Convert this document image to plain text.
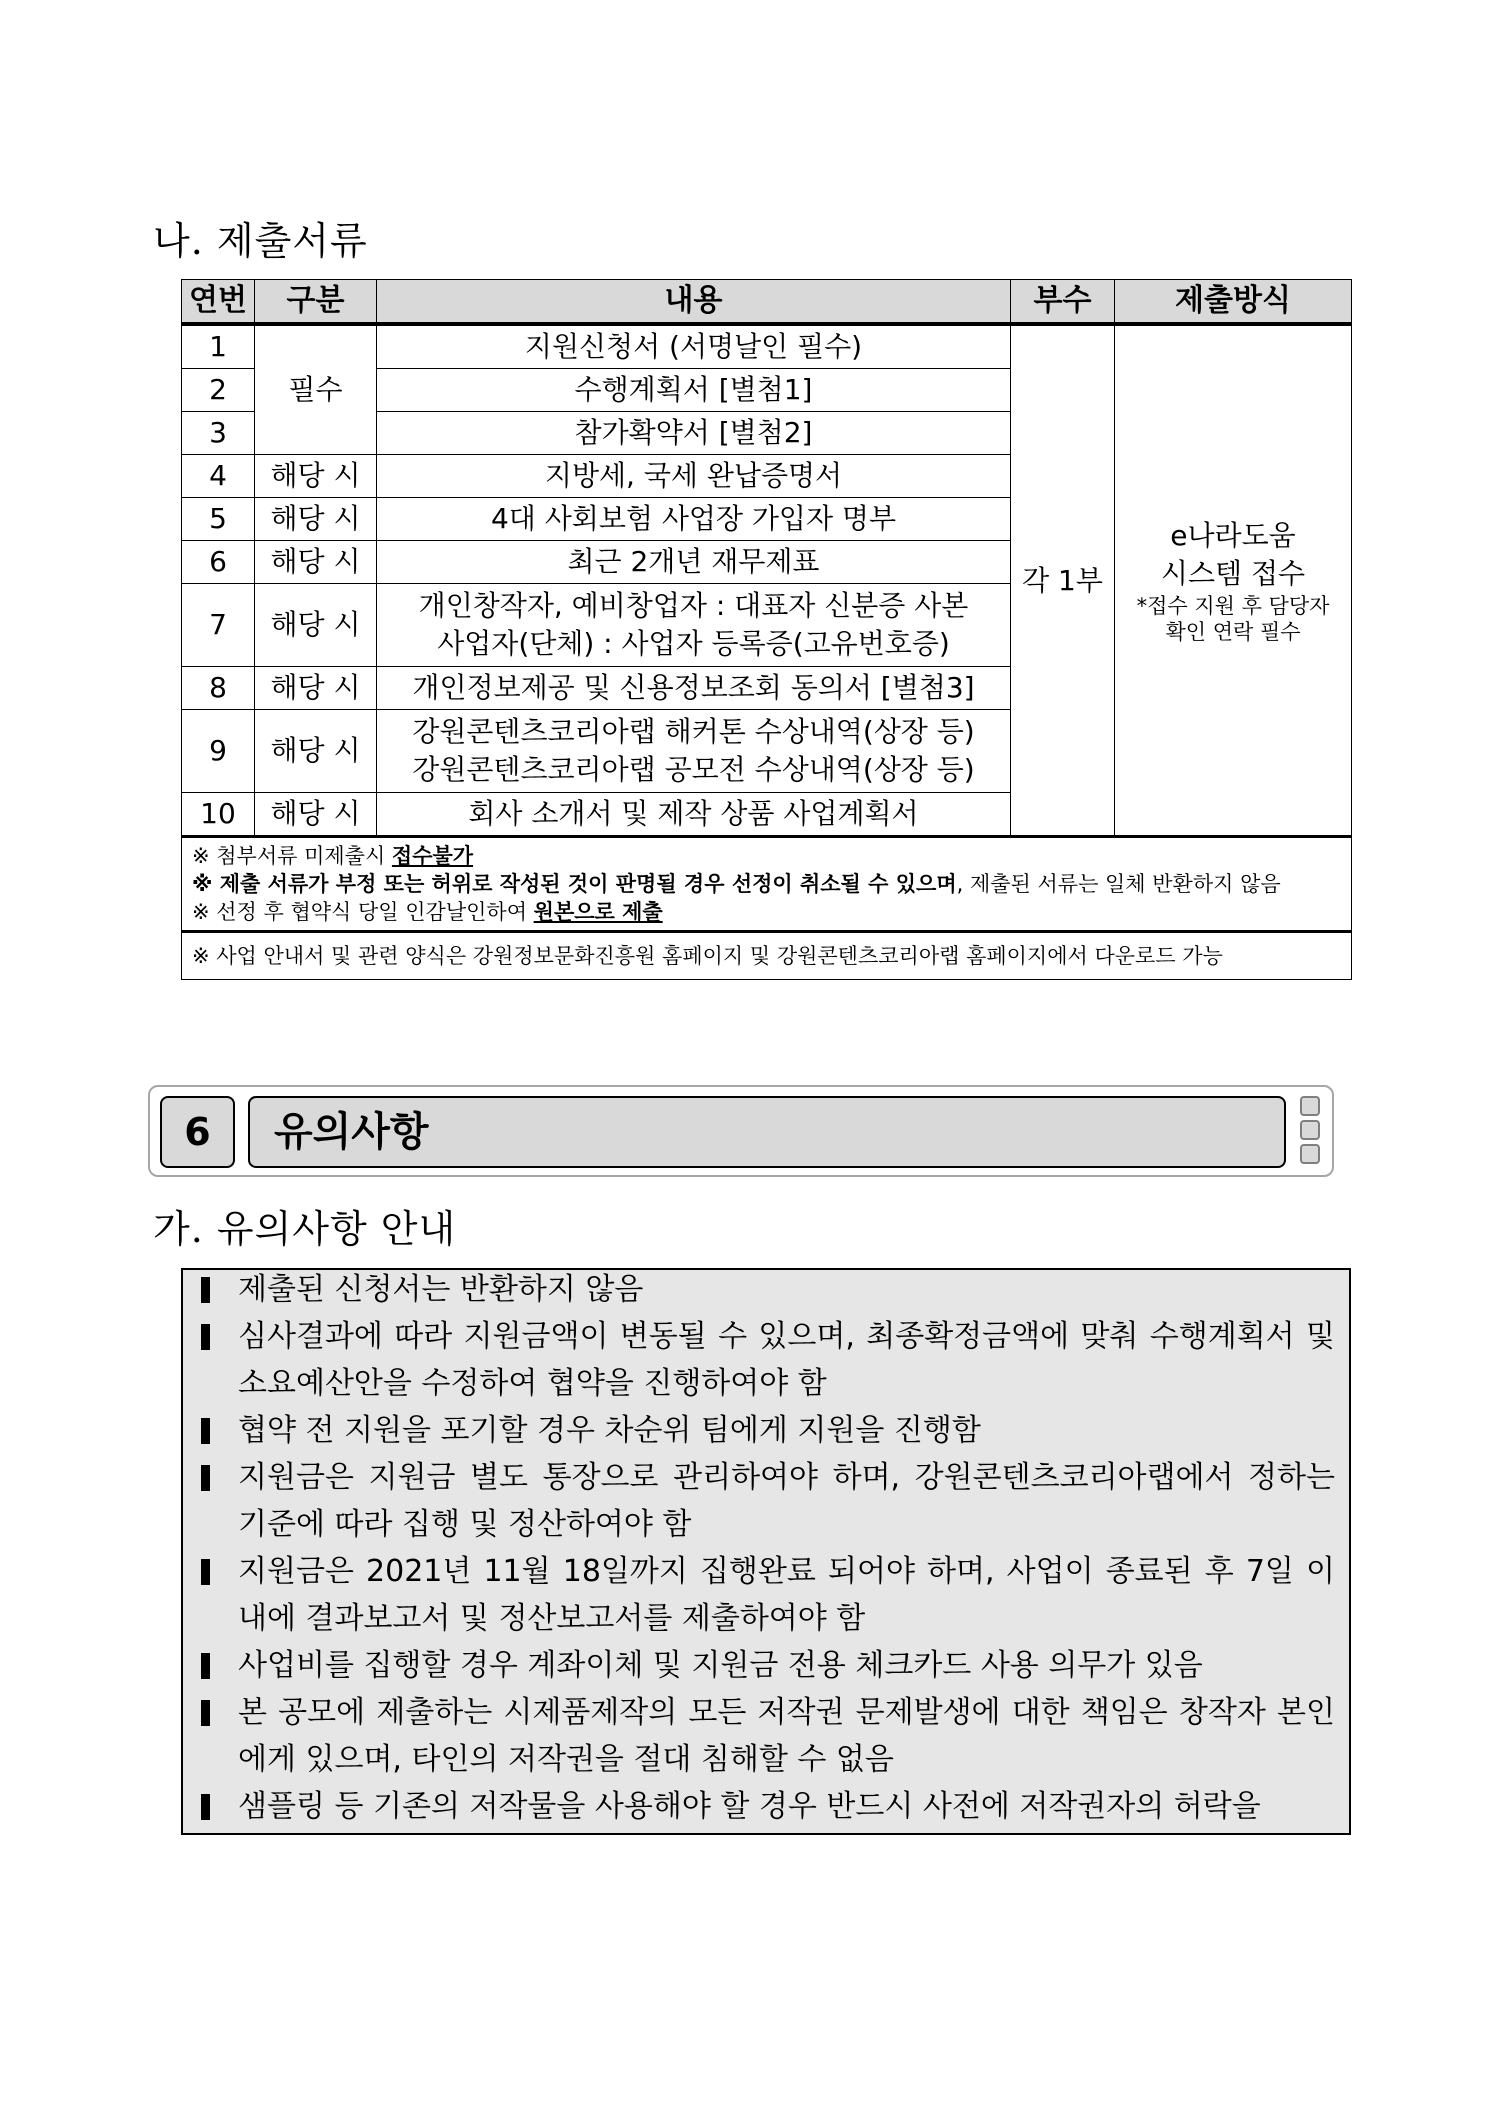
나. 제출서류
연번	구분	내용	부수	제출방식
1	필수	지원신청서 (서명날인 필수)	각 1부	e나라도움
시스템 접수
*접수 지원 후 담당자
확인 연락 필수

2		수행계획서 [별첨1]		
3		참가확약서 [별첨2]		
4	해당 시	지방세, 국세 완납증명서		
5	해당 시	4대 사회보험 사업장 가입자 명부		
6	해당 시	최근 2개년 재무제표		
7	해당 시	개인창작자, 예비창업자 : 대표자 신분증 사본
사업자(단체) : 사업자 등록증(고유번호증)		

8	해당 시	개인정보제공 및 신용정보조회 동의서 [별첨3]		
9	해당 시	강원콘텐츠코리아랩 해커톤 수상내역(상장 등)
강원콘텐츠코리아랩 공모전 수상내역(상장 등)		

10	해당 시	회사 소개서 및 제작 상품 사업계획서		

※ 첨부서류 미제출시 접수불가
※ 제출 서류가 부정 또는 허위로 작성된 것이 판명될 경우 선정이 취소될 수 있으며, 제출된 서류는 일체 반환하지 않음
※ 선정 후 협약식 당일 인감날인하여 원본으로 제출				

※ 사업 안내서 및 관련 양식은 강원정보문화진흥원 홈페이지 및 강원콘텐츠코리아랩 홈페이지에서 다운로드 가능				
6	유의사항
가. 유의사항 안내
제출된 신청서는 반환하지 않음
심사결과에 따라 지원금액이 변동될 수 있으며, 최종확정금액에 맞춰 수행계획서 및 소요예산안을 수정하여 협약을 진행하여야 함
협약 전 지원을 포기할 경우 차순위 팀에게 지원을 진행함
지원금은 지원금 별도 통장으로 관리하여야 하며, 강원콘텐츠코리아랩에서 정하는 기준에 따라 집행 및 정산하여야 함
지원금은 2021년 11월 18일까지 집행완료 되어야 하며, 사업이 종료된 후 7일 이내에 결과보고서 및 정산보고서를 제출하여야 함
사업비를 집행할 경우 계좌이체 및 지원금 전용 체크카드 사용 의무가 있음
본 공모에 제출하는 시제품제작의 모든 저작권 문제발생에 대한 책임은 창작자 본인에게 있으며, 타인의 저작권을 절대 침해할 수 없음
샘플링 등 기존의 저작물을 사용해야 할 경우 반드시 사전에 저작권자의 허락을
